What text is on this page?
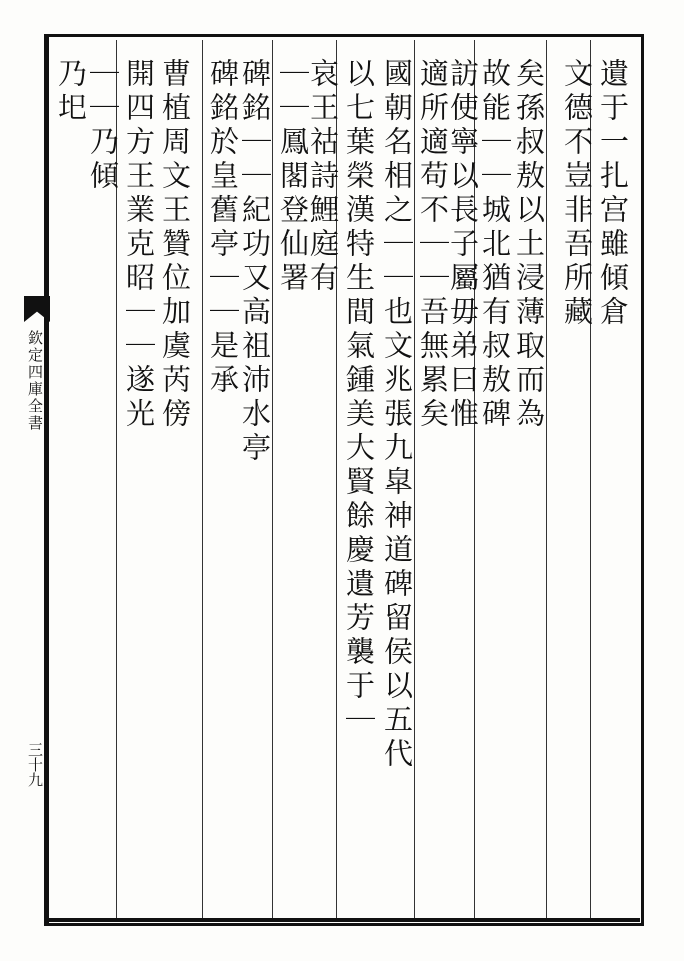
欽定四庫全書
三十九
遺于一扎宫雖傾倉
文德不豈非吾所藏
矣孫叔敖以土浸薄取而為
故能｜｜城北猶有叔敖碑
訪使寧以長子屬毋弟曰惟
適所適苟不｜｜吾無累矣
國朝名相之｜｜也文兆張九皐神道碑留侯以五代
以七葉榮漢特生間氣鍾美大賢餘慶遺芳襲于｜
哀王祜詩鯉庭有
｜｜鳳閣登仙署
碑銘｜｜紀功又高祖沛水亭
碑銘於皇舊亭｜｜是承
曹植周文王贊位加虞芮傍
開四方王業克昭｜｜遂光
｜｜乃傾
乃圯
